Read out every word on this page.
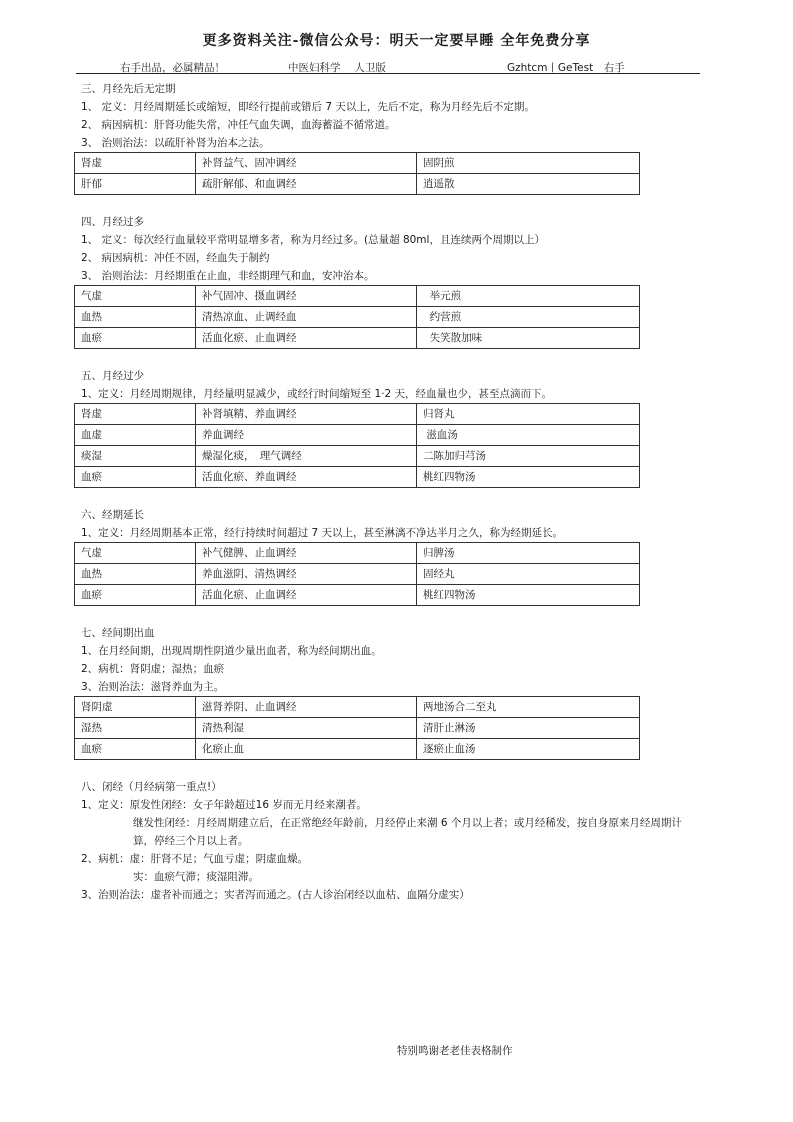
更多资料关注-微信公众号：明天一定要早睡 全年免费分享
右手出品，必属精品！	中医妇科学　 人卫版	Gzhtcm丨GeTest　右手
三、月经先后无定期
1、 定义：月经周期延长或缩短，即经行提前或错后 7 天以上，先后不定，称为月经先后不定期。
2、 病因病机：肝肾功能失常，冲任气血失调，血海蓄溢不循常道。
3、 治则治法：以疏肝补肾为治本之法。
肾虚	补肾益气、固冲调经	固阴煎
肝郁	疏肝解郁、和血调经	逍遥散
四、月经过多
1、 定义：每次经行血量较平常明显增多者，称为月经过多。(总量超 80ml，且连续两个周期以上）
2、 病因病机：冲任不固，经血失于制约
3、 治则治法：月经期重在止血，非经期理气和血，安冲治本。
气虚	补气固冲、摄血调经	举元煎
血热	清热凉血、止调经血	约营煎
血瘀	活血化瘀、止血调经	失笑散加味
五、月经过少
1、定义：月经周期规律，月经量明显减少，或经行时间缩短至 1·2 天，经血量也少，甚至点滴而下。
肾虚	补肾填精、养血调经	归肾丸
血虚	养血调经	滋血汤
痰湿	燥湿化痰，　理气调经	二陈加归芎汤
血瘀	活血化瘀、养血调经	桃红四物汤
六、经期延长
1、定义：月经周期基本正常，经行持续时间超过 7 天以上，甚至淋漓不净达半月之久，称为经期延长。
气虚	补气健脾、止血调经	归脾汤
血热	养血滋阴、清热调经	固经丸
血瘀	活血化瘀、止血调经	桃红四物汤
七、经间期出血
1、在月经间期，出现周期性阴道少量出血者，称为经间期出血。
2、病机：肾阴虚；湿热；血瘀
3、治则治法：滋肾养血为主。
肾阴虚	滋肾养阴、止血调经	两地汤合二至丸
湿热	清热利湿	清肝止淋汤
血瘀	化瘀止血	逐瘀止血汤
八、闭经（月经病第一重点!）
1、定义：原发性闭经：女子年龄超过16 岁而无月经来潮者。
继发性闭经：月经周期建立后，在正常绝经年龄前，月经停止来潮 6 个月以上者；或月经稀发，按自身原来月经周期计算，停经三个月以上者。
2、病机：虚：肝肾不足；气血亏虚；阴虚血燥。
实：血瘀气滞；痰湿阻滞。
3、治则治法：虚者补而通之；实者泻而通之。(古人诊治闭经以血枯、血隔分虚实）
特别鸣谢老老佳表格制作
